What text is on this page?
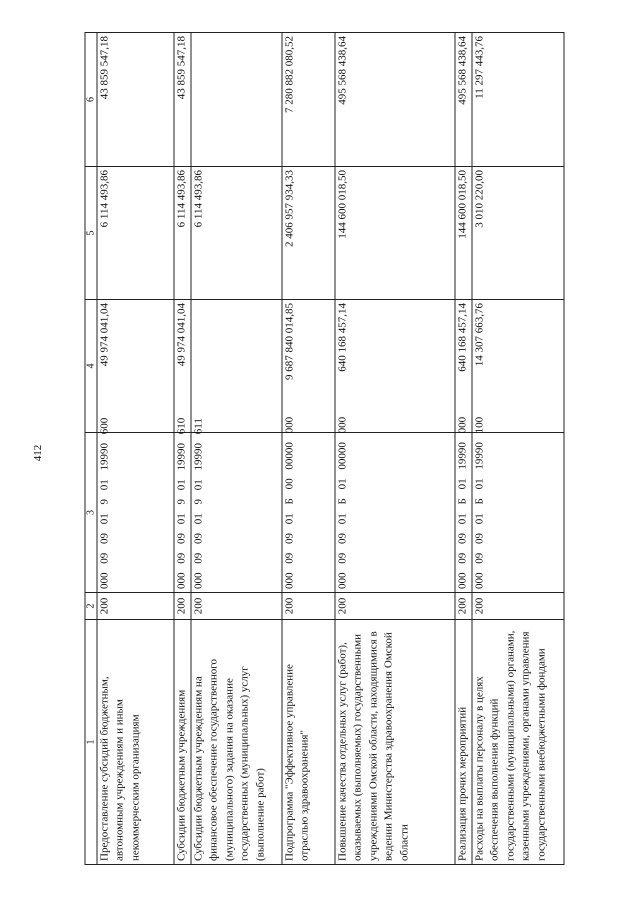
412
1	2	3	4	5	6
Предоставление субсидий бюджетным, автономным учреждениям и иным некоммерческим организациям	200	000 09 09 01 9 01 19990 600	49 974 041,04	6 114 493,86	43 859 547,18
Субсидии бюджетным учреждениям	200	000 09 09 01 9 01 19990 610	49 974 041,04	6 114 493,86	43 859 547,18
Субсидии бюджетным учреждениям на финансовое обеспечение государственного (муниципального) задания на оказание государственных (муниципальных) услуг (выполнение работ)	200	000 09 09 01 9 01 19990 611		6 114 493,86	
Подпрограмма "Эффективное управление отраслью здравоохранения"	200	000 09 09 01 Б 00 00000 000	9 687 840 014,85	2 406 957 934,33	7 280 882 080,52
Повышение качества отдельных услуг (работ), оказываемых (выполняемых) государственными учреждениями Омской области, находящимися в ведении Министерства здравоохранения Омской области	200	000 09 09 01 Б 01 00000 000	640 168 457,14	144 600 018,50	495 568 438,64
Реализация прочих мероприятий	200	000 09 09 01 Б 01 19990 000	640 168 457,14	144 600 018,50	495 568 438,64
Расходы на выплаты персоналу в целях обеспечения выполнения функций государственными (муниципальными) органами, казенными учреждениями, органами управления государственными внебюджетными фондами	200	000 09 09 01 Б 01 19990 100	14 307 663,76	3 010 220,00	11 297 443,76
